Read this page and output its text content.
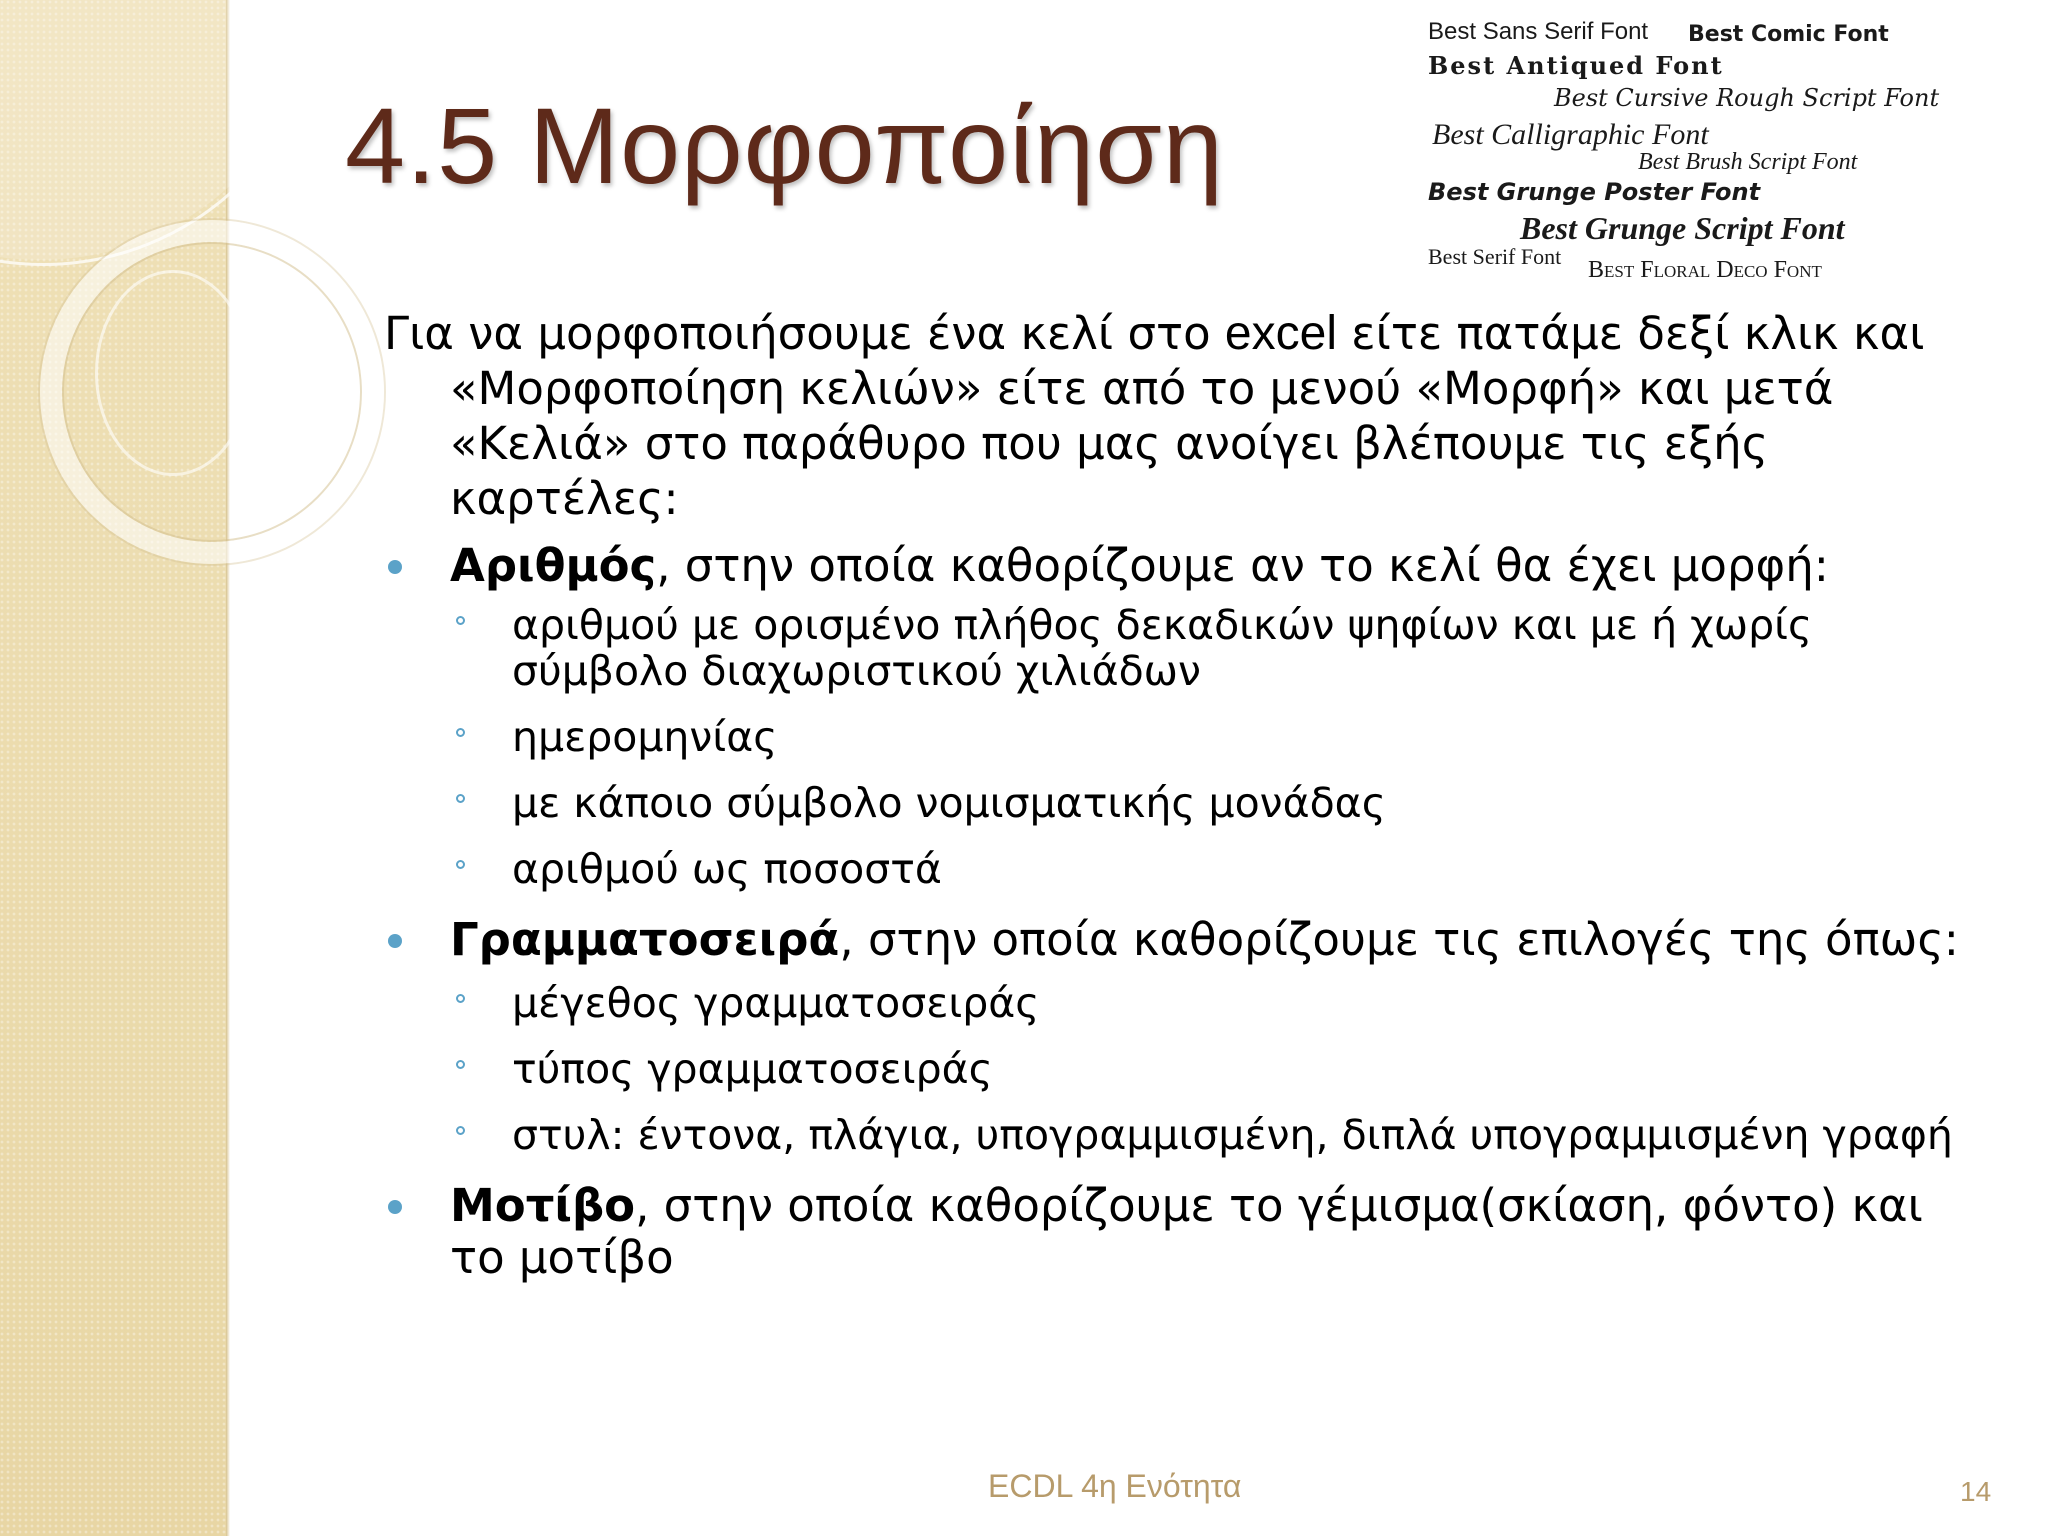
4.5 Μορφοποίηση
Best Sans Serif Font Best Comic Font
Best Antiqued Font
Best Cursive Rough Script Font
Best Calligraphic Font
Best Brush Script Font
Best Grunge Poster Font
Best Grunge Script Font
Best Serif Font
Best Floral Deco Font

Για να μορφοποιήσουμε ένα κελί στο excel είτε πατάμε δεξί κλικ και «Μορφοποίηση κελιών» είτε από το μενού «Μορφή» και μετά «Κελιά» στο παράθυρο που μας ανοίγει βλέπουμε τις εξής καρτέλες:

Αριθμός, στην οποία καθορίζουμε αν το κελί θα έχει μορφή:

αριθμού με ορισμένο πλήθος δεκαδικών ψηφίων και με ή χωρίς σύμβολο διαχωριστικού χιλιάδων

ημερομηνίας

με κάποιο σύμβολο νομισματικής μονάδας

αριθμού ως ποσοστά

Γραμματοσειρά, στην οποία καθορίζουμε τις επιλογές της όπως:

μέγεθος γραμματοσειράς

τύπος γραμματοσειράς

στυλ: έντονα, πλάγια, υπογραμμισμένη, διπλά υπογραμμισμένη γραφή

Μοτίβο, στην οποία καθορίζουμε το γέμισμα(σκίαση, φόντο) και το μοτίβο

ECDL 4η Ενότητα	14
